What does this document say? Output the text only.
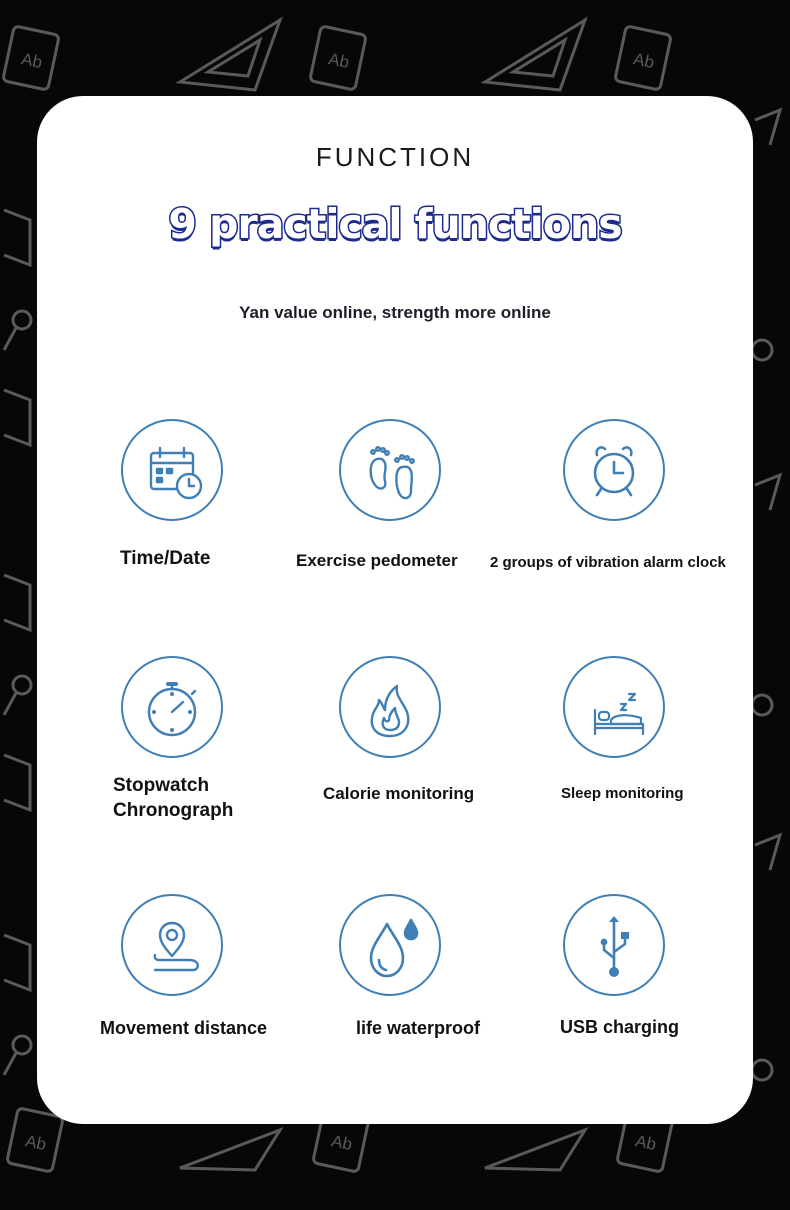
Ab	Ab	Ab
Ab	Ab	Ab
FUNCTION
9 practical functions
Yan value online, strength more online
Time/Date	Exercise pedometer 2 groups of vibration alarm clock
Stopwatch
Chronograph
Calorie monitoring	Sleep monitoring
Movement distance	life waterproof	USB charging
